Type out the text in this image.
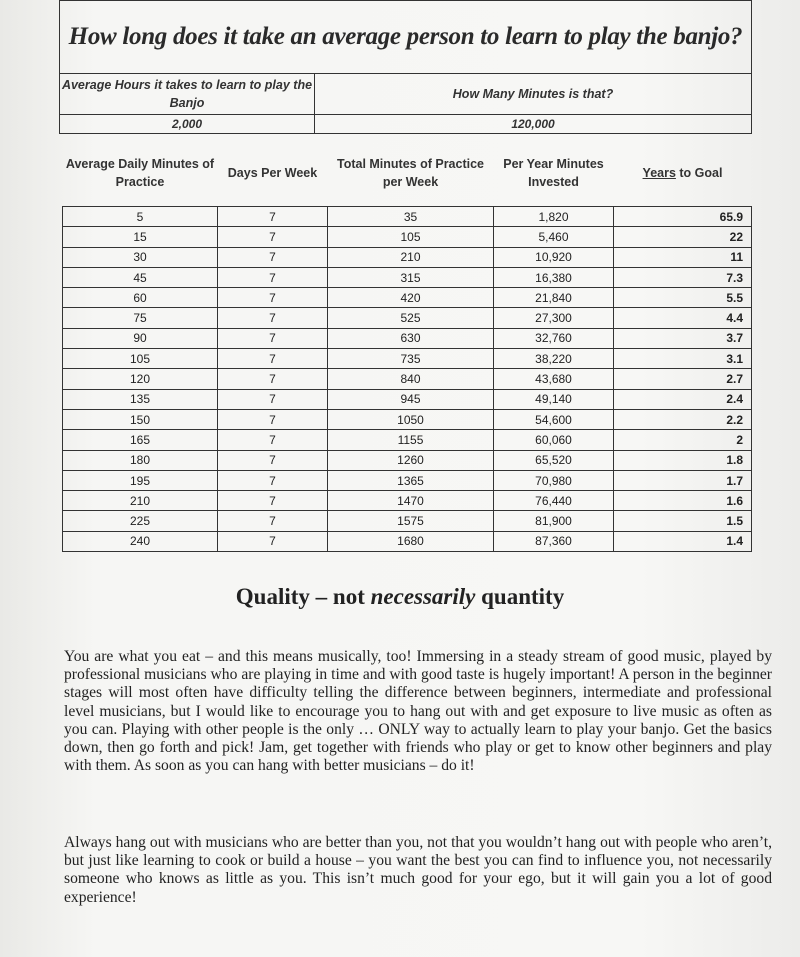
How long does it take an average person to learn to play the banjo?	
Average Hours it takes to learn to play the Banjo	How Many Minutes is that?
2,000	120,000
Average Daily Minutes of Practice	Days Per Week	Total Minutes of Practice per Week	Per Year Minutes Invested	Years to Goal
5	7	35	1,820	65.9
15	7	105	5,460	22
30	7	210	10,920	11
45	7	315	16,380	7.3
60	7	420	21,840	5.5
75	7	525	27,300	4.4
90	7	630	32,760	3.7
105	7	735	38,220	3.1
120	7	840	43,680	2.7
135	7	945	49,140	2.4
150	7	1050	54,600	2.2
165	7	1155	60,060	2
180	7	1260	65,520	1.8
195	7	1365	70,980	1.7
210	7	1470	76,440	1.6
225	7	1575	81,900	1.5
240	7	1680	87,360	1.4
Quality – not necessarily quantity

You are what you eat – and this means musically, too! Immersing in a steady stream of good music, played by professional musicians who are playing in time and with good taste is hugely important! A person in the beginner stages will most often have difficulty telling the difference between beginners, intermediate and professional level musicians, but I would like to encourage you to hang out with and get exposure to live music as often as you can. Playing with other people is the only … ONLY way to actually learn to play your banjo. Get the basics down, then go forth and pick! Jam, get together with friends who play or get to know other beginners and play with them. As soon as you can hang with better musicians – do it!

Always hang out with musicians who are better than you, not that you wouldn’t hang out with people who aren’t, but just like learning to cook or build a house – you want the best you can find to influence you, not necessarily someone who knows as little as you. This isn’t much good for your ego, but it will gain you a lot of good experience!
